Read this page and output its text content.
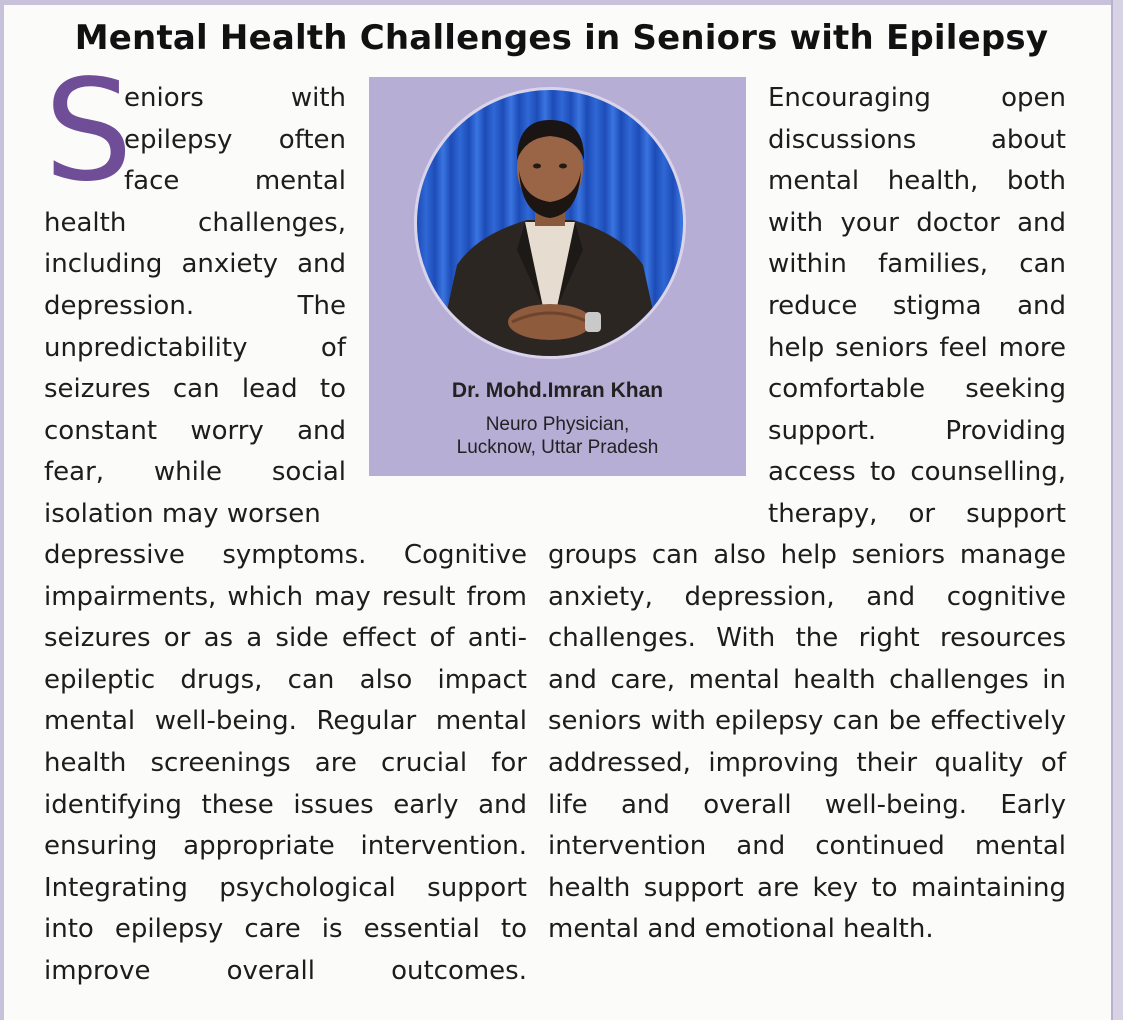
Mental Health Challenges in Seniors with Epilepsy
S
eniors with
epilepsy often
face mental
health challenges,
including anxiety and
depression. The
unpredictability of
seizures can lead to
constant worry and
fear, while social
isolation may worsen
Dr. Mohd.Imran Khan
Neuro Physician,
Lucknow, Uttar Pradesh
Encouraging open
discussions about
mental health, both
with your doctor and
within families, can
reduce stigma and
help seniors feel more
comfortable seeking
support. Providing
access to counselling,
therapy, or support
depressive symptoms. Cognitive
impairments, which may result from
seizures or as a side effect of anti-
epileptic drugs, can also impact
mental well-being. Regular mental
health screenings are crucial for
identifying these issues early and
ensuring appropriate intervention.
Integrating psychological support
into epilepsy care is essential to
improve overall outcomes.
groups can also help seniors manage
anxiety, depression, and cognitive
challenges. With the right resources
and care, mental health challenges in
seniors with epilepsy can be effectively
addressed, improving their quality of
life and overall well-being. Early
intervention and continued mental
health support are key to maintaining
mental and emotional health.
